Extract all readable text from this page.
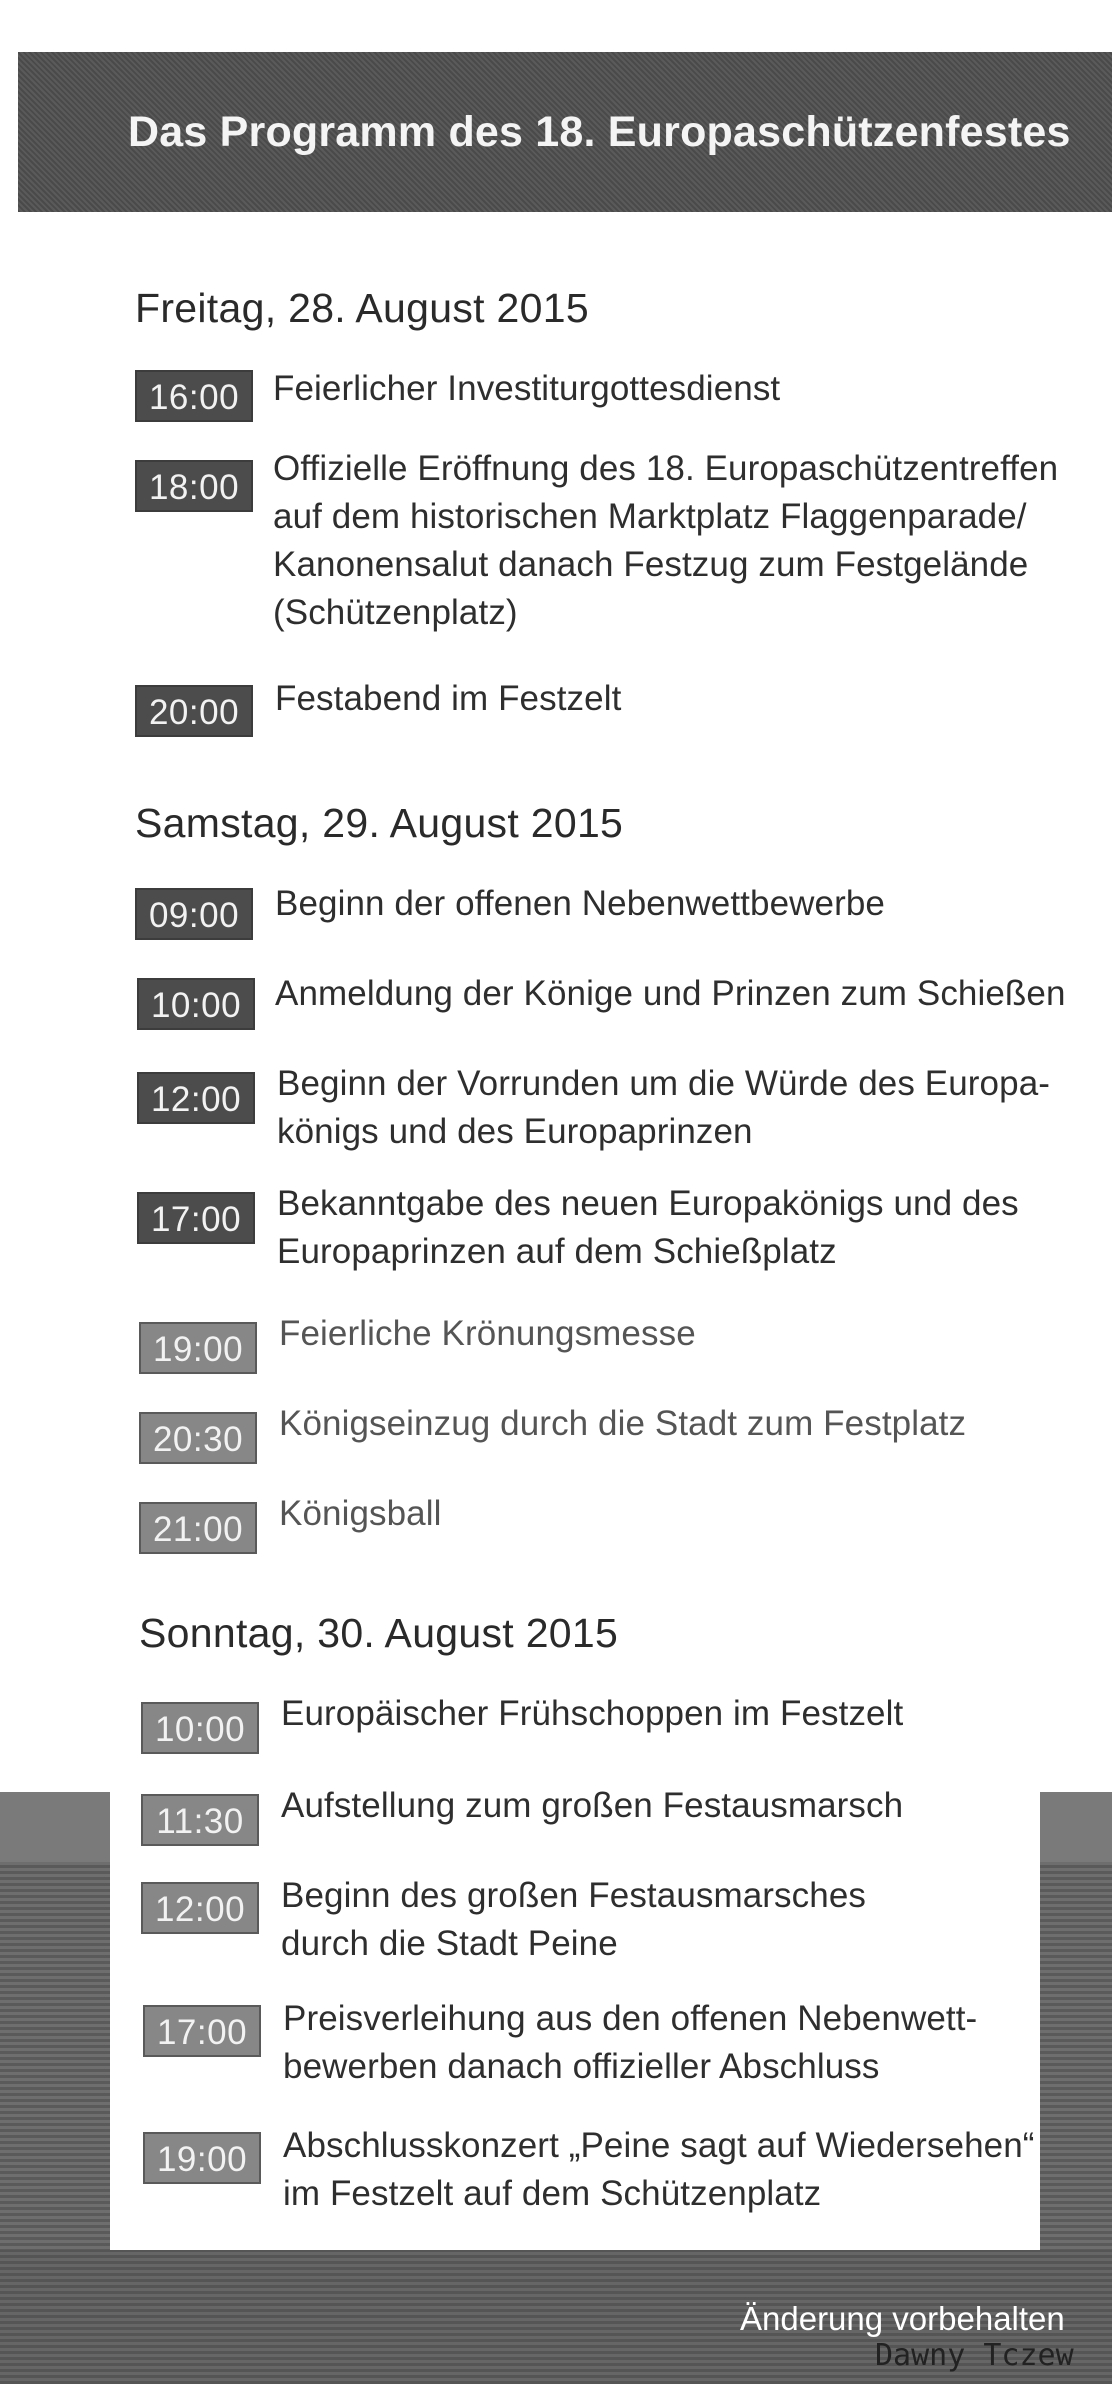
Das Programm des 18. Europaschützenfestes
Freitag, 28. August 2015
16:00 Feierlicher Investiturgottesdienst
18:00 Offizielle Eröffnung des 18. Europaschützentreffen
auf dem historischen Marktplatz Flaggenparade/
Kanonensalut danach Festzug zum Festgelände
(Schützenplatz)
20:00	Festabend im Festzelt
Samstag, 29. August 2015
09:00	Beginn der offenen Nebenwettbewerbe
10:00 Anmeldung der Könige und Prinzen zum Schießen
12:00	Beginn der Vorrunden um die Würde des Europa-
königs und des Europaprinzen
17:00	Bekanntgabe des neuen Europakönigs und des
Europaprinzen auf dem Schießplatz
19:00	Feierliche Krönungsmesse
20:30	Königseinzug durch die Stadt zum Festplatz
21:00	Königsball
Sonntag, 30. August 2015
10:00	Europäischer Frühschoppen im Festzelt
11:30	Aufstellung zum großen Festausmarsch
12:00	Beginn des großen Festausmarsches
durch die Stadt Peine
17:00	Preisverleihung aus den offenen Nebenwett-
bewerben danach offizieller Abschluss
19:00	Abschlusskonzert „Peine sagt auf Wiedersehen“
im Festzelt auf dem Schützenplatz
Änderung vorbehalten
Dawny Tczew
